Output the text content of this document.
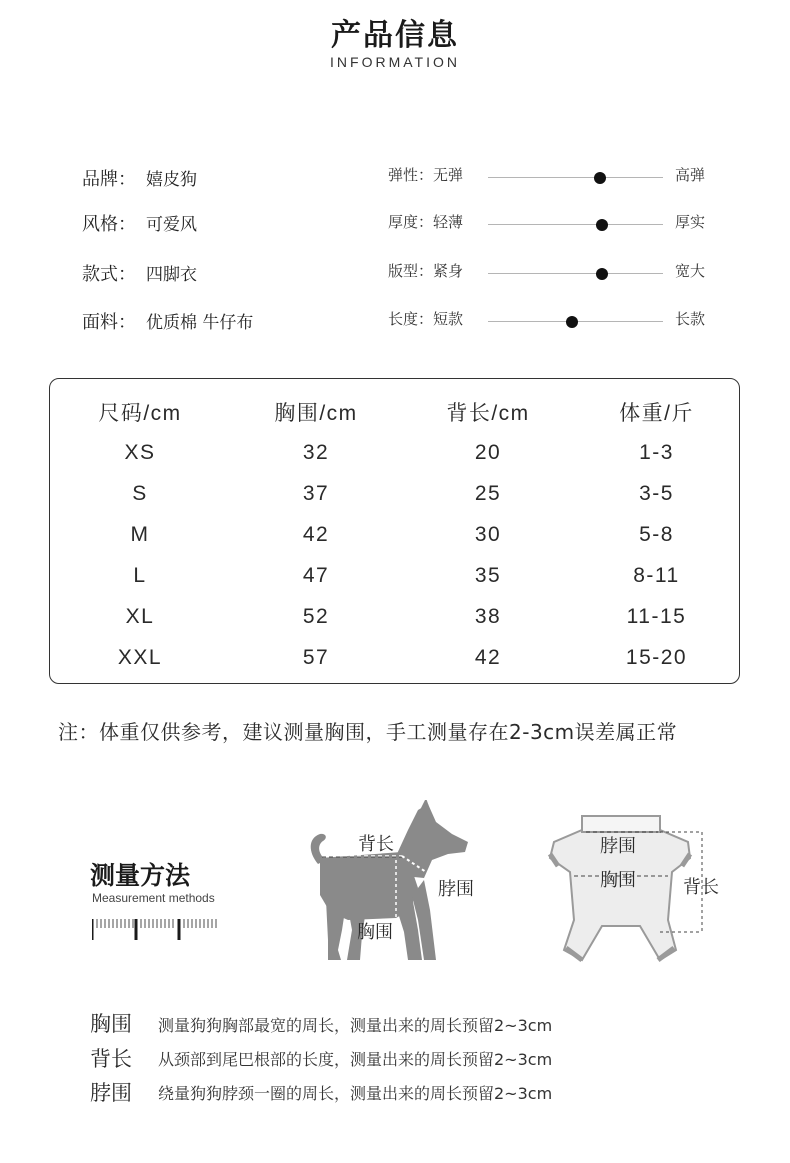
产品信息
INFORMATION
品牌： 嬉皮狗
风格： 可爱风
款式： 四脚衣
面料： 优质棉 牛仔布
弹性：无弹	高弹
厚度：轻薄	厚实
版型：紧身	宽大
长度：短款	长款
尺码/cm	胸围/cm	背长/cm	体重/斤
XS	32	20	1-3
S	37	25	3-5
M	42	30	5-8
L	47	35	8-11
XL	52	38	11-15
XXL	57	42	15-20
注：体重仅供参考，建议测量胸围，手工测量存在2-3cm误差属正常
测量方法
Measurement methods
背长
脖围
胸围
脖围
胸围	背长
胸围 测量狗狗胸部最宽的周长，测量出来的周长预留2~3cm
背长 从颈部到尾巴根部的长度，测量出来的周长预留2~3cm
脖围 绕量狗狗脖颈一圈的周长，测量出来的周长预留2~3cm
